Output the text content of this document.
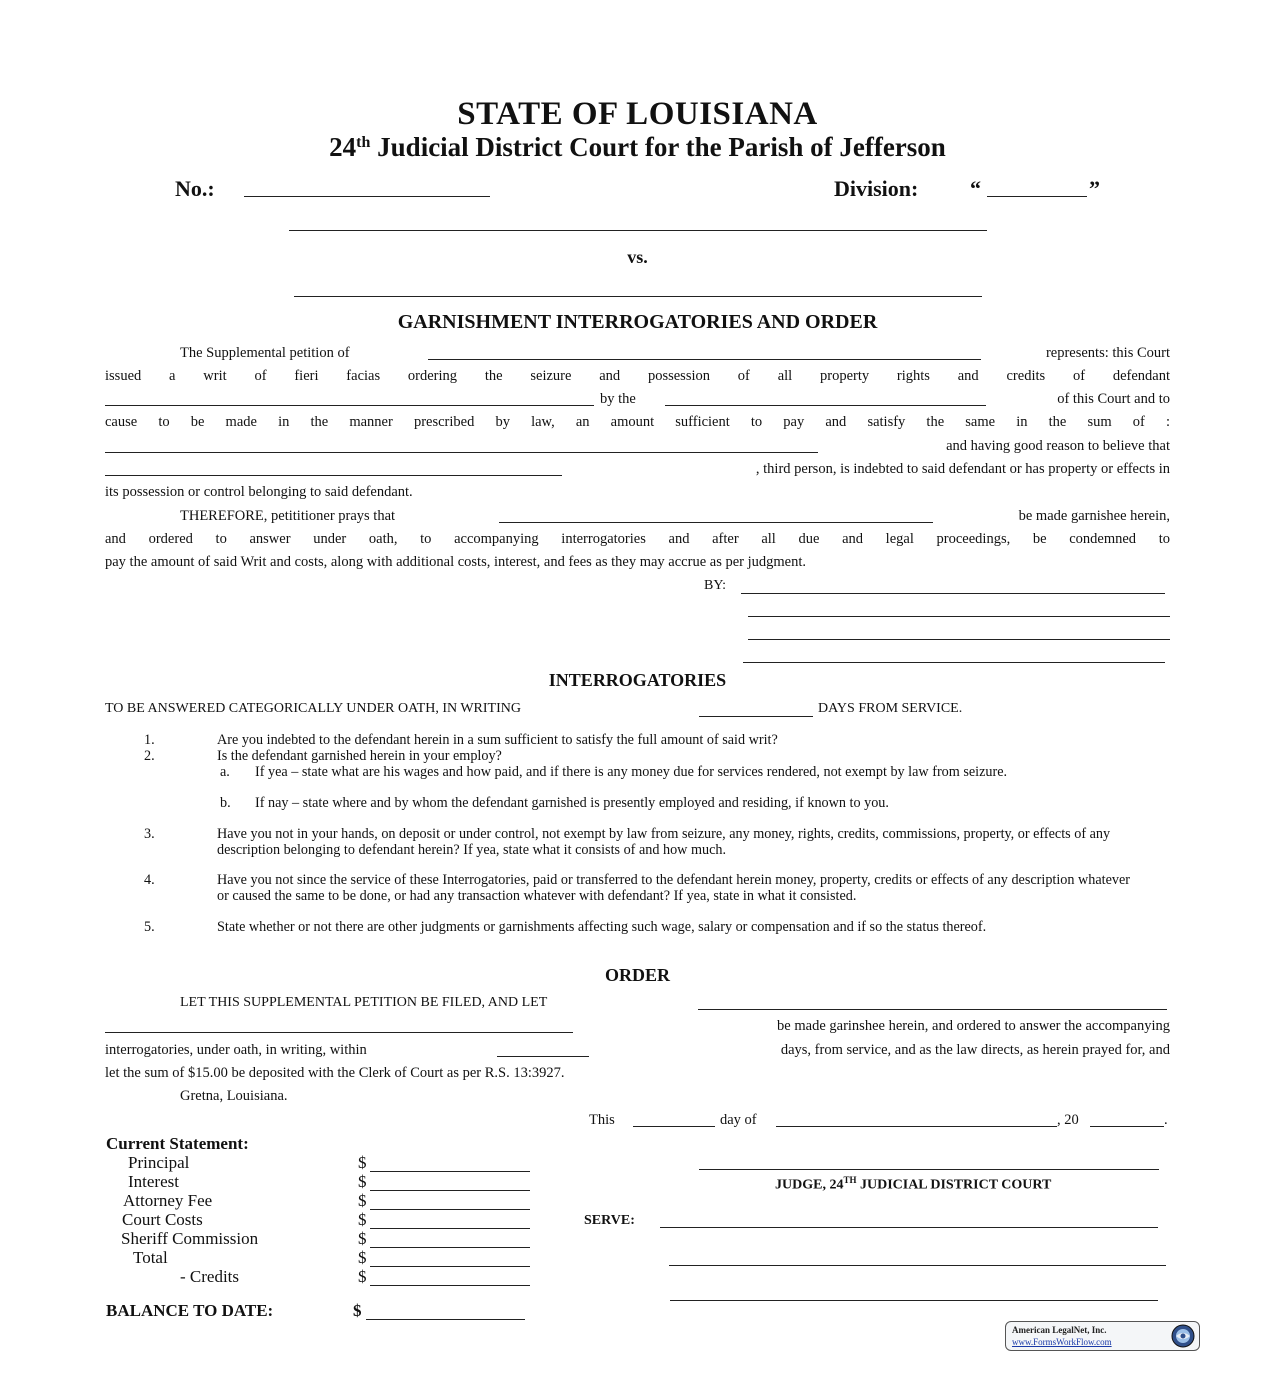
STATE OF LOUISIANA
24th Judicial District Court for the Parish of Jefferson
No.:	Division: “	”
vs.
GARNISHMENT INTERROGATORIES AND ORDER
The Supplemental petition of	represents: this Court
issued a writ of fieri facias ordering the seizure and possession of all property rights and credits of defendant
by the	of this Court and to
cause to be made in the manner prescribed by law, an amount sufficient to pay and satisfy the same in the sum of :
and having good reason to believe that
, third person, is indebted to said defendant or has property or effects in
its possession or control belonging to said defendant.
THEREFORE, petititioner prays that	be made garnishee herein,
and ordered to answer under oath, to accompanying interrogatories and after all due and legal proceedings, be condemned to
pay the amount of said Writ and costs, along with additional costs, interest, and fees as they may accrue as per judgment.
BY:
INTERROGATORIES
TO BE ANSWERED CATEGORICALLY UNDER OATH, IN WRITING	DAYS FROM SERVICE.
1.	Are you indebted to the defendant herein in a sum sufficient to satisfy the full amount of said writ?
2.	Is the defendant garnished herein in your employ?
a. If yea – state what are his wages and how paid, and if there is any money due for services rendered, not exempt by law from seizure.
b. If nay – state where and by whom the defendant garnished is presently employed and residing, if known to you.
3.	Have you not in your hands, on deposit or under control, not exempt by law from seizure, any money, rights, credits, commissions, property, or effects of any description belonging to defendant herein? If yea, state what it consists of and how much.
4.	Have you not since the service of these Interrogatories, paid or transferred to the defendant herein money, property, credits or effects of any description whatever or caused the same to be done, or had any transaction whatever with defendant? If yea, state in what it consisted.
5.	State whether or not there are other judgments or garnishments affecting such wage, salary or compensation and if so the status thereof.
ORDER
LET THIS SUPPLEMENTAL PETITION BE FILED, AND LET
be made garinshee herein, and ordered to answer the accompanying
interrogatories, under oath, in writing, within	days, from service, and as the law directs, as herein prayed for, and
let the sum of $15.00 be deposited with the Clerk of Court as per R.S. 13:3927.
Gretna, Louisiana.
This	day of	, 20	.
Current Statement:
Principal	$
Interest	$
Attorney Fee	$
Court Costs	$
Sheriff Commission	$
Total	$
- Credits	$
BALANCE TO DATE:	$
JUDGE, 24TH JUDICIAL DISTRICT COURT
SERVE:
American LegalNet, Inc.
www.FormsWorkFlow.com
